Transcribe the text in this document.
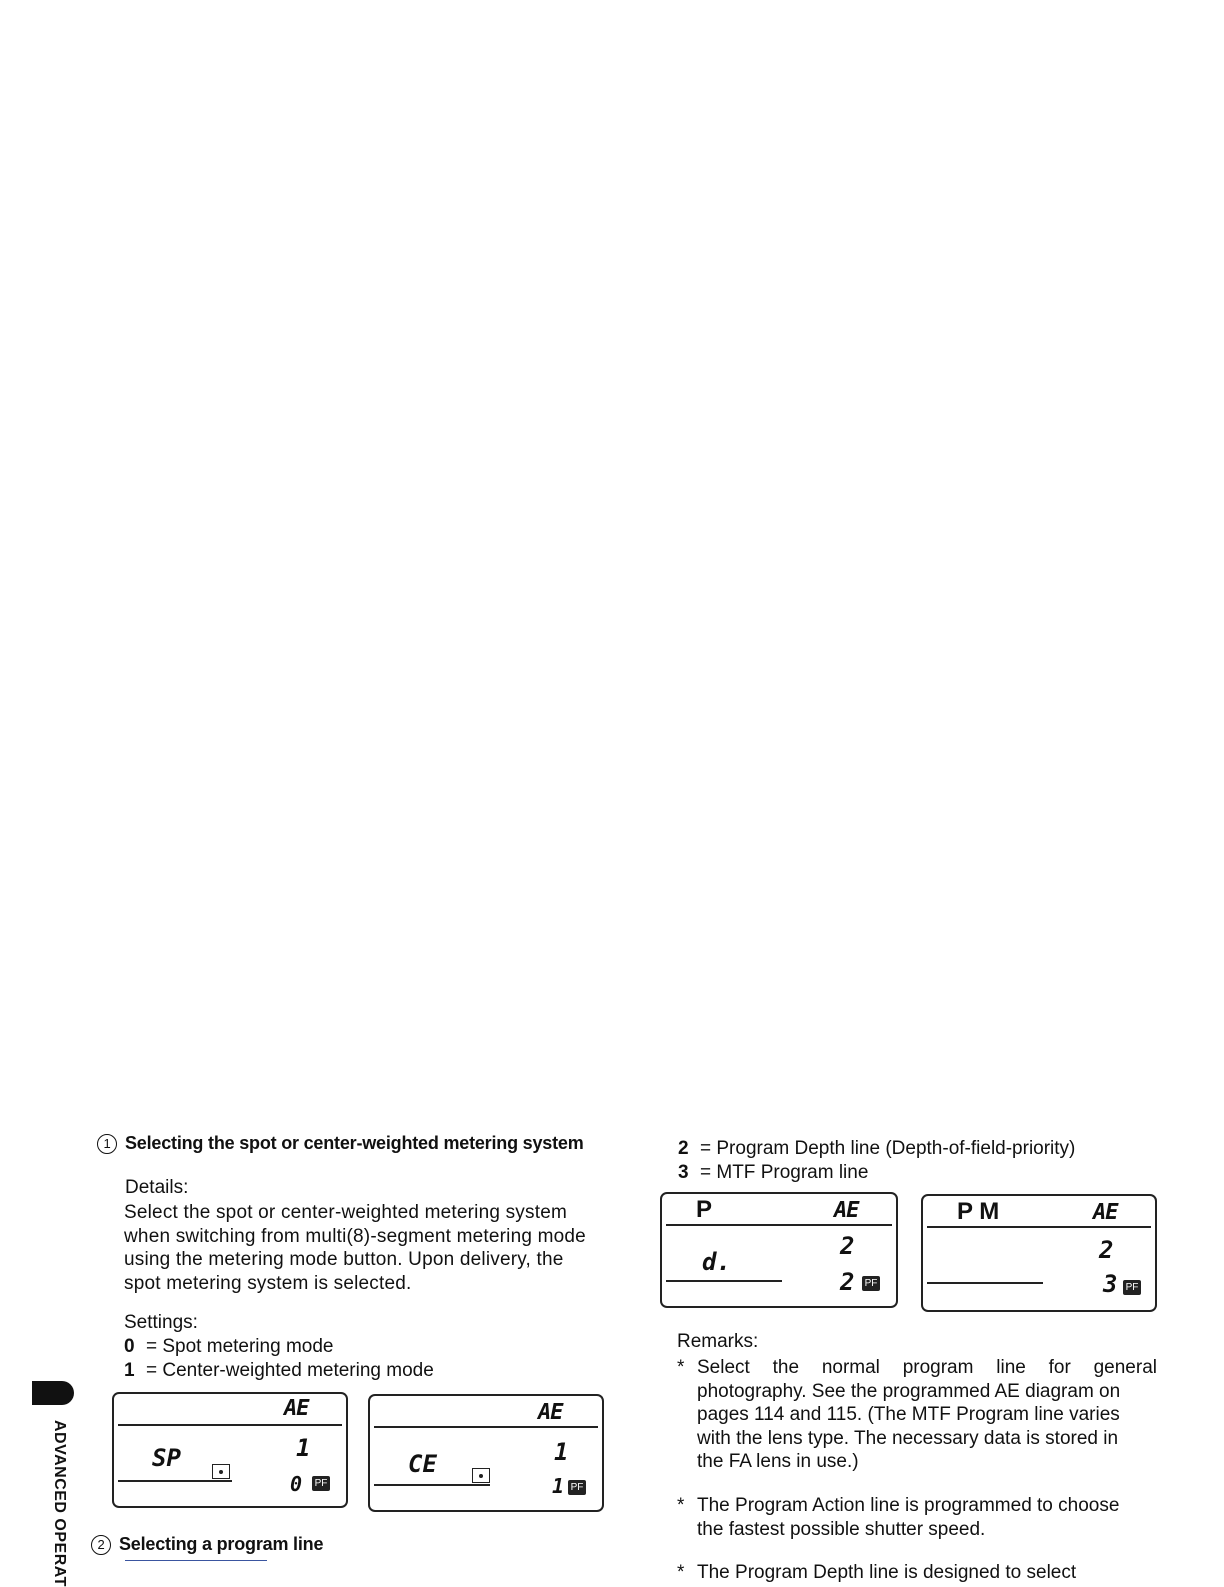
1 Selecting the spot or center-weighted metering system
Details:
Select the spot or center-weighted metering system
when switching from multi(8)-segment metering mode
using the metering mode button. Upon delivery, the
spot metering system is selected.
Settings:
0 = Spot metering mode
1 = Center-weighted metering mode
AE
SP	1
0 PF
AE
CE	1
1 PF
2 Selecting a program line
ADVANCED OPERAT
2 = Program Depth line (Depth-of-field-priority)
3 = MTF Program line
P	AE
d.
2
2 PF
P M	AE
2
3 PF
Remarks:
* Select the normal program line for general
photography. See the programmed AE diagram on
pages 114 and 115. (The MTF Program line varies
with the lens type. The necessary data is stored in
the FA lens in use.)
* The Program Action line is programmed to choose
the fastest possible shutter speed.
* The Program Depth line is designed to select
